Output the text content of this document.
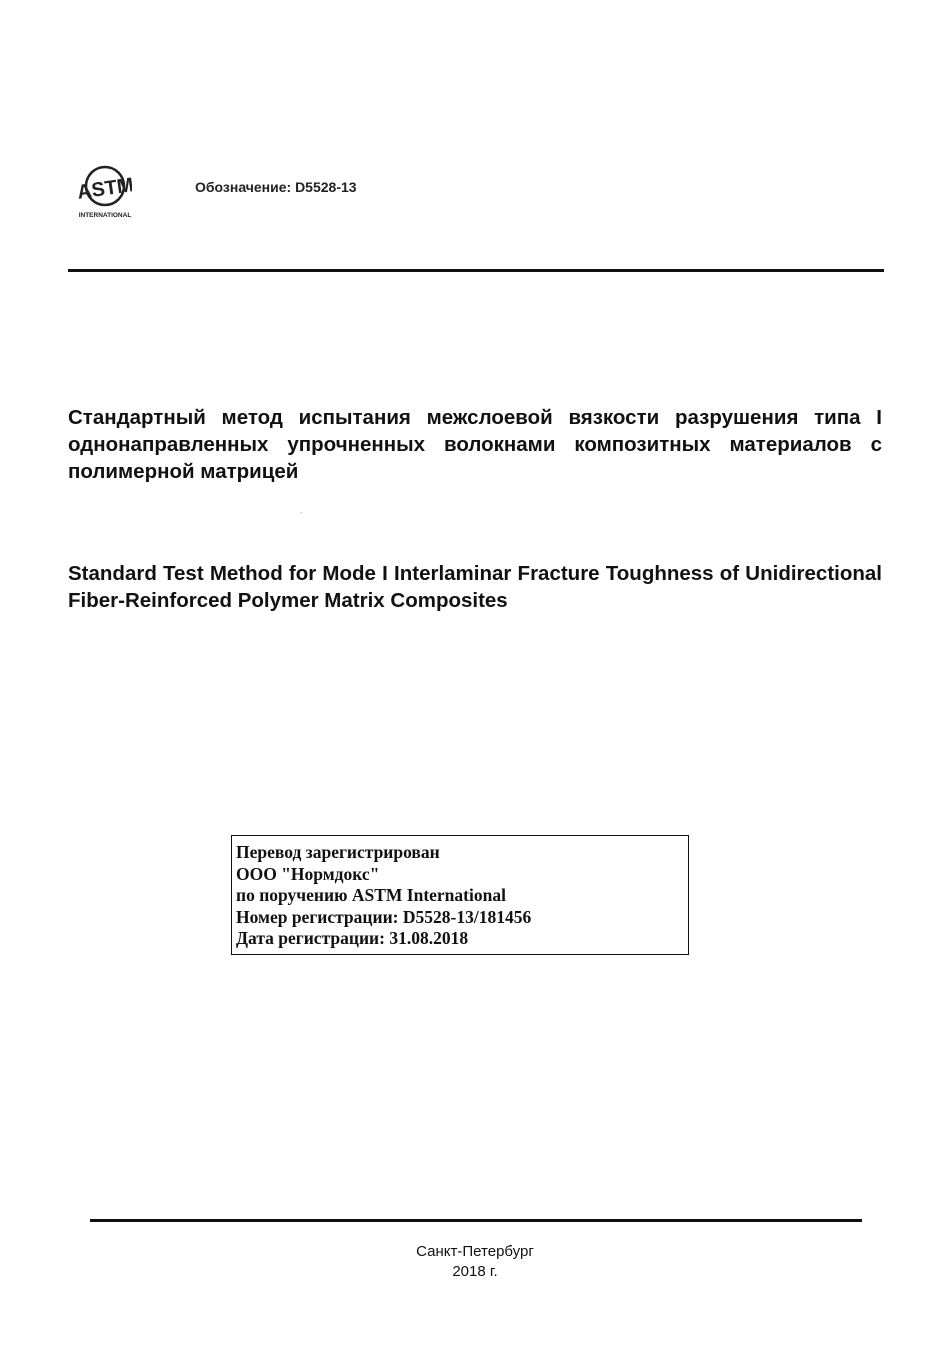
ASTM
INTERNATIONAL
Обозначение: D5528-13
Стандартный метод испытания межслоевой вязкости разрушения типа I однонаправленных упрочненных волокнами композитных материалов с полимерной матрицей
-
Standard Test Method for Mode I Interlaminar Fracture Toughness of Unidirectional Fiber-Reinforced Polymer Matrix Composites
Перевод зарегистрирован
ООО "Нормдокс"
по поручению ASTM International
Номер регистрации: D5528-13/181456
Дата регистрации: 31.08.2018
Санкт-Петербург
2018 г.
